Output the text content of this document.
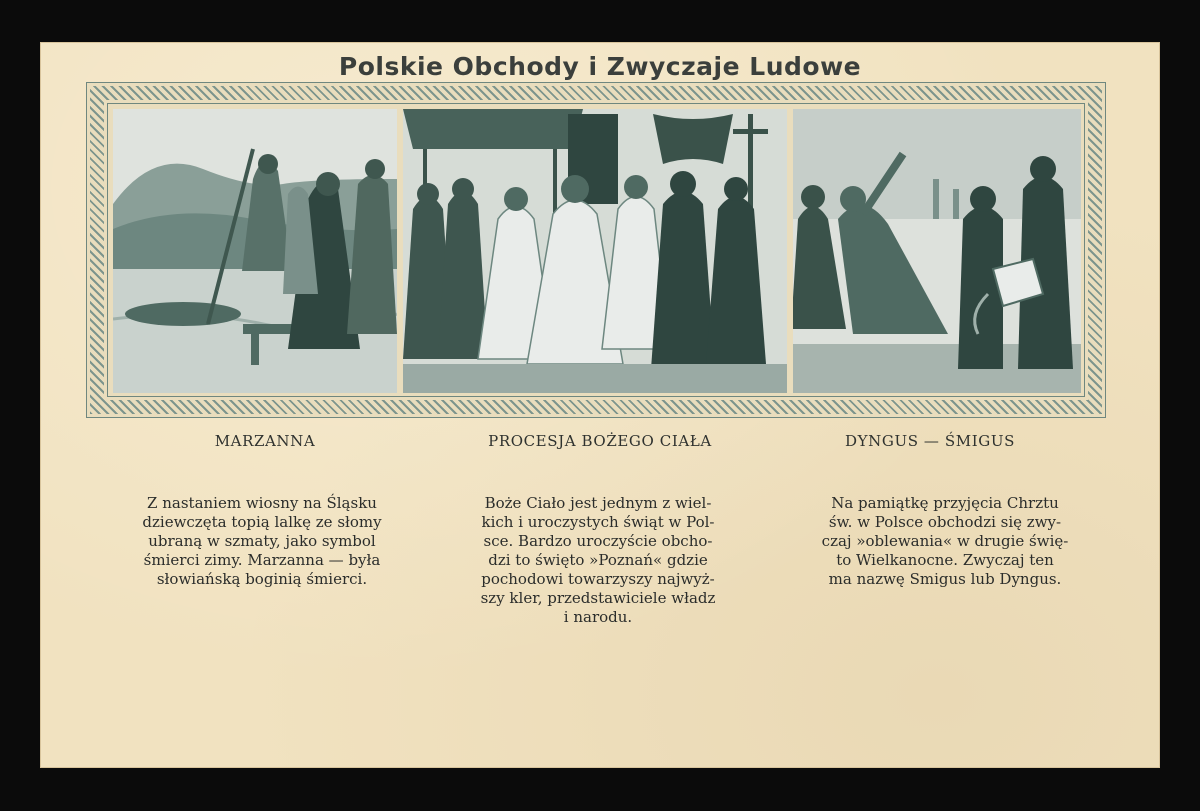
Polskie Obchody i Zwyczaje Ludowe
MARZANNA	PROCESJA BOŻEGO CIAŁA	DYNGUS — ŚMIGUS
Z nastaniem wiosny na Śląsku
dziewczęta topią lalkę ze słomy
ubraną w szmaty, jako symbol
śmierci zimy. Marzanna — była
słowiańską boginią śmierci.
Boże Ciało jest jednym z wiel-
kich i uroczystych świąt w Pol-
sce. Bardzo uroczyście obcho-
dzi to święto »Poznań« gdzie
pochodowi towarzyszy najwyż-
szy kler, przedstawiciele władz
i narodu.
Na pamiątkę przyjęcia Chrztu
św. w Polsce obchodzi się zwy-
czaj »oblewania« w drugie świę-
to Wielkanocne. Zwyczaj ten
ma nazwę Smigus lub Dyngus.
